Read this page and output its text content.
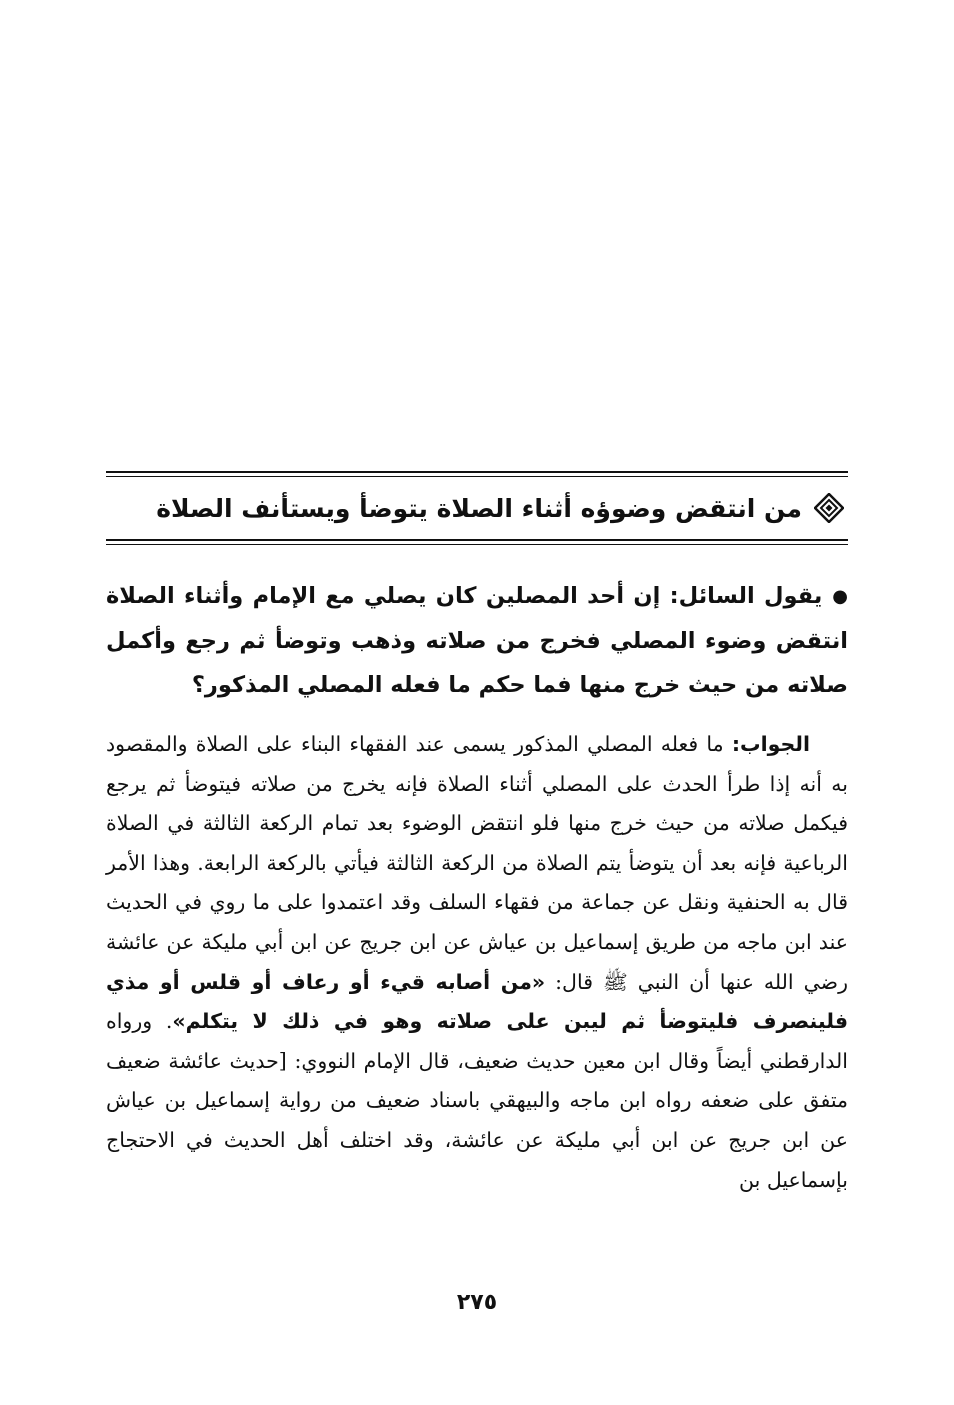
من انتقض وضوؤه أثناء الصلاة يتوضأ ويستأنف الصلاة
●يقول السائل: إن أحد المصلين كان يصلي مع الإمام وأثناء الصلاة انتقض وضوء المصلي فخرج من صلاته وذهب وتوضأ ثم رجع وأكمل صلاته من حيث خرج منها فما حكم ما فعله المصلي المذكور؟
الجواب: ما فعله المصلي المذكور يسمى عند الفقهاء البناء على الصلاة والمقصود به أنه إذا طرأ الحدث على المصلي أثناء الصلاة فإنه يخرج من صلاته فيتوضأ ثم يرجع فيكمل صلاته من حيث خرج منها فلو انتقض الوضوء بعد تمام الركعة الثالثة في الصلاة الرباعية فإنه بعد أن يتوضأ يتم الصلاة من الركعة الثالثة فيأتي بالركعة الرابعة. وهذا الأمر قال به الحنفية ونقل عن جماعة من فقهاء السلف وقد اعتمدوا على ما روي في الحديث عند ابن ماجه من طريق إسماعيل بن عياش عن ابن جريج عن ابن أبي مليكة عن عائشة رضي الله عنها أن النبي ﷺ قال: «من أصابه قيء أو رعاف أو قلس أو مذي فلينصرف فليتوضأ ثم ليبن على صلاته وهو في ذلك لا يتكلم». ورواه الدارقطني أيضاً وقال ابن معين حديث ضعيف، قال الإمام النووي: [حديث عائشة ضعيف متفق على ضعفه رواه ابن ماجه والبيهقي باسناد ضعيف من رواية إسماعيل بن عياش عن ابن جريج عن ابن أبي مليكة عن عائشة، وقد اختلف أهل الحديث في الاحتجاج بإسماعيل بن
٢٧٥
